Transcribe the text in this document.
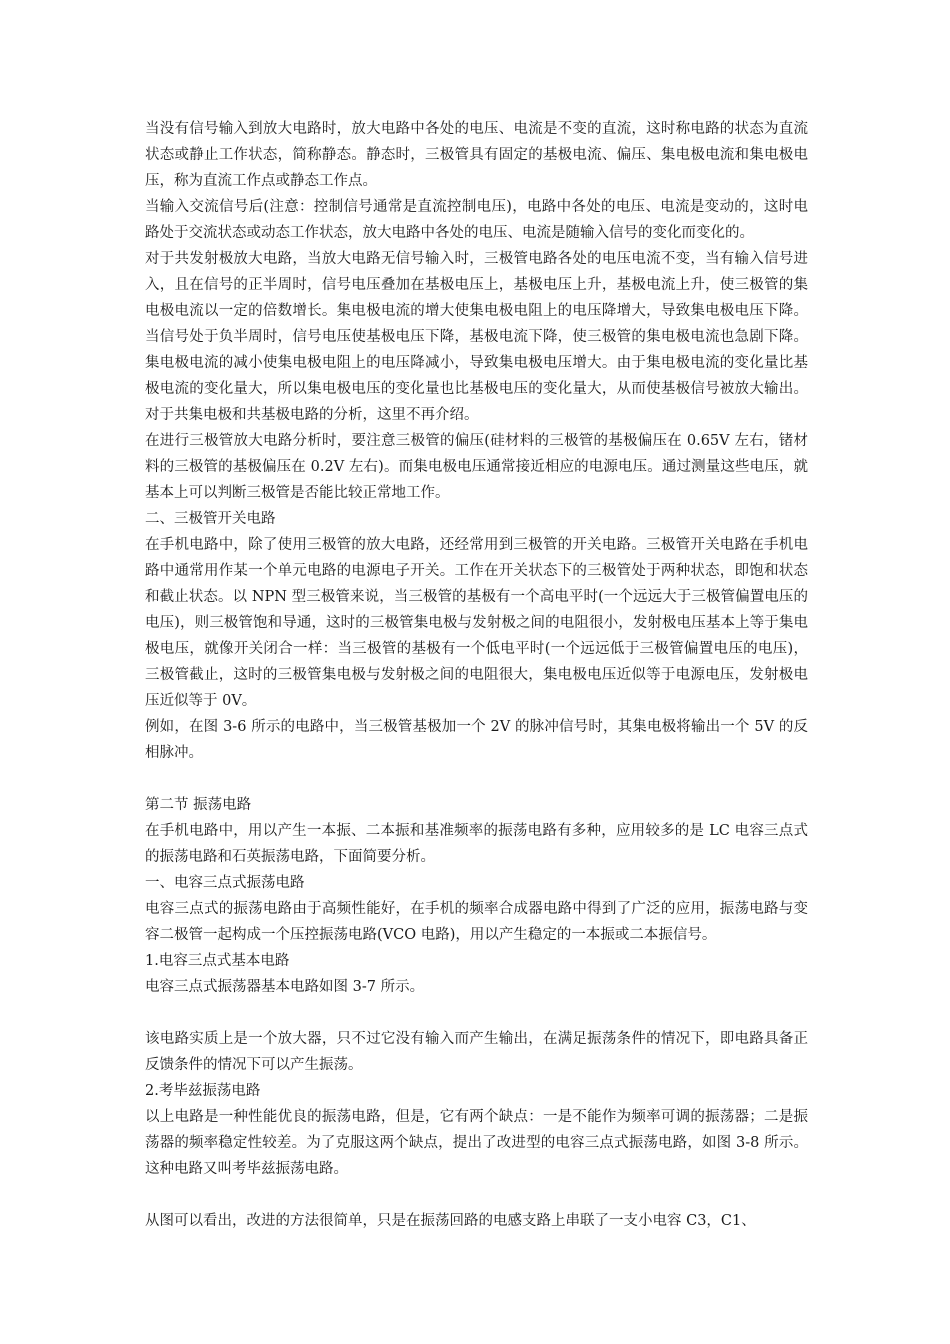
当没有信号输入到放大电路时，放大电路中各处的电压、电流是不变的直流，这时称电路的状态为直流状态或静止工作状态，简称静态。静态时，三极管具有固定的基极电流、偏压、集电极电流和集电极电压，称为直流工作点或静态工作点。

当输入交流信号后(注意：控制信号通常是直流控制电压)，电路中各处的电压、电流是变动的，这时电路处于交流状态或动态工作状态，放大电路中各处的电压、电流是随输入信号的变化而变化的。

对于共发射极放大电路，当放大电路无信号输入时，三极管电路各处的电压电流不变，当有输入信号进入，且在信号的正半周时，信号电压叠加在基极电压上，基极电压上升，基极电流上升，使三极管的集电极电流以一定的倍数增长。集电极电流的增大使集电极电阻上的电压降增大，导致集电极电压下降。当信号处于负半周时，信号电压使基极电压下降，基极电流下降，使三极管的集电极电流也急剧下降。集电极电流的减小使集电极电阻上的电压降减小，导致集电极电压增大。由于集电极电流的变化量比基极电流的变化量大，所以集电极电压的变化量也比基极电压的变化量大，从而使基极信号被放大输出。对于共集电极和共基极电路的分析，这里不再介绍。

在进行三极管放大电路分析时，要注意三极管的偏压(硅材料的三极管的基极偏压在 0.65V 左右，锗材料的三极管的基极偏压在 0.2V 左右)。而集电极电压通常接近相应的电源电压。通过测量这些电压，就基本上可以判断三极管是否能比较正常地工作。

二、三极管开关电路

在手机电路中，除了使用三极管的放大电路，还经常用到三极管的开关电路。三极管开关电路在手机电路中通常用作某一个单元电路的电源电子开关。工作在开关状态下的三极管处于两种状态，即饱和状态和截止状态。以 NPN 型三极管来说，当三极管的基极有一个高电平时(一个远远大于三极管偏置电压的电压)，则三极管饱和导通，这时的三极管集电极与发射极之间的电阻很小，发射极电压基本上等于集电极电压，就像开关闭合一样：当三极管的基极有一个低电平时(一个远远低于三极管偏置电压的电压)，三极管截止，这时的三极管集电极与发射极之间的电阻很大，集电极电压近似等于电源电压，发射极电压近似等于 0V。

例如，在图 3-6 所示的电路中，当三极管基极加一个 2V 的脉冲信号时，其集电极将输出一个 5V 的反相脉冲。

第二节 振荡电路

在手机电路中，用以产生一本振、二本振和基准频率的振荡电路有多种，应用较多的是 LC 电容三点式的振荡电路和石英振荡电路，下面简要分析。

一、电容三点式振荡电路

电容三点式的振荡电路由于高频性能好，在手机的频率合成器电路中得到了广泛的应用，振荡电路与变容二极管一起构成一个压控振荡电路(VCO 电路)，用以产生稳定的一本振或二本振信号。

1.电容三点式基本电路

电容三点式振荡器基本电路如图 3-7 所示。

该电路实质上是一个放大器，只不过它没有输入而产生输出，在满足振荡条件的情况下，即电路具备正反馈条件的情况下可以产生振荡。

2.考毕兹振荡电路

以上电路是一种性能优良的振荡电路，但是，它有两个缺点：一是不能作为频率可调的振荡器；二是振荡器的频率稳定性较差。为了克服这两个缺点，提出了改进型的电容三点式振荡电路，如图 3-8 所示。这种电路又叫考毕兹振荡电路。

从图可以看出，改进的方法很简单，只是在振荡回路的电感支路上串联了一支小电容 C3，C1、
